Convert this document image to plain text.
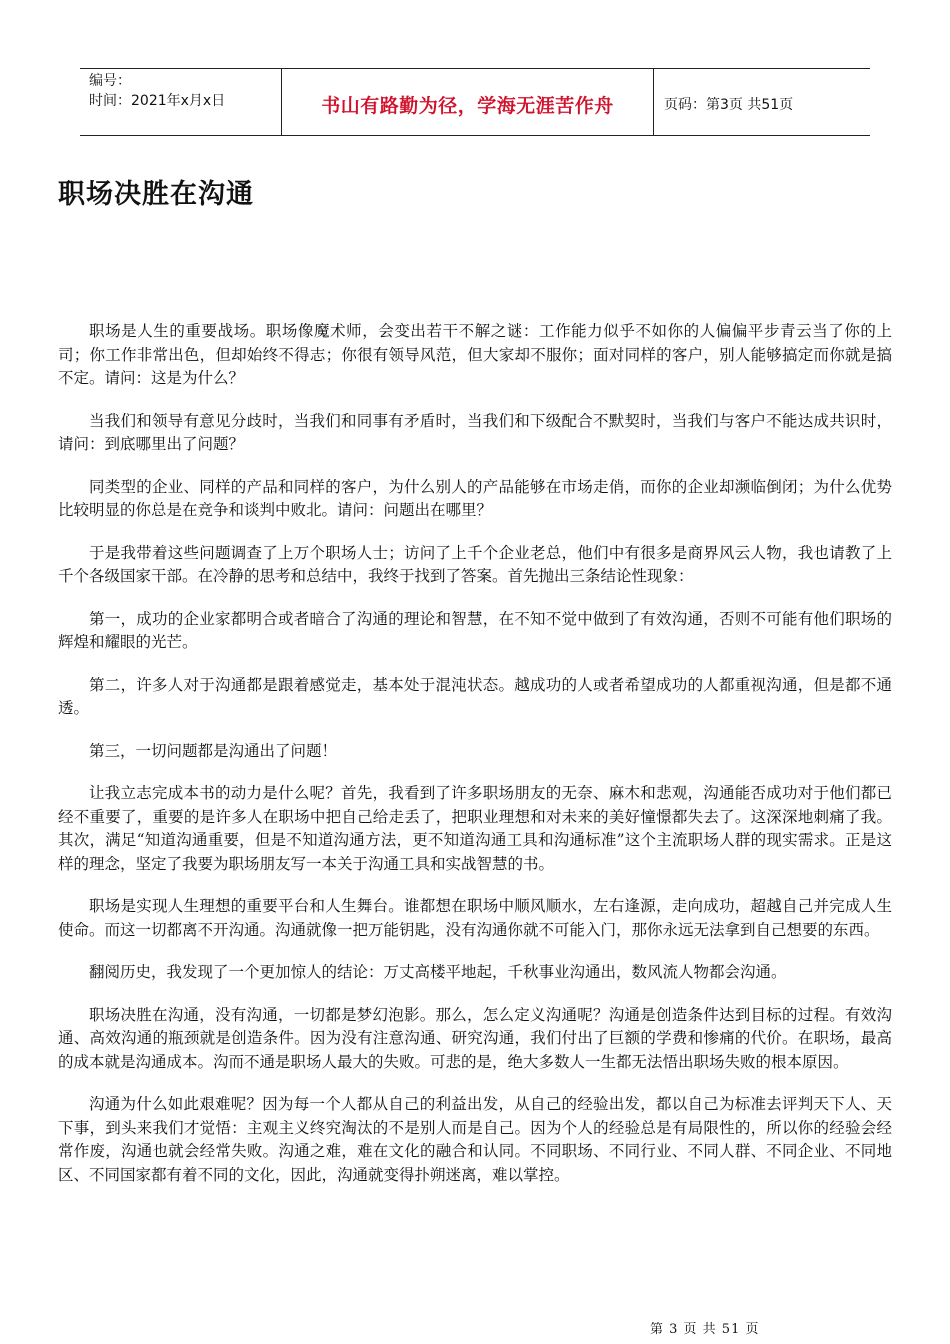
编号：
时间：2021年x月x日	书山有路勤为径，学海无涯苦作舟	页码：第3页 共51页
职场决胜在沟通

职场是人生的重要战场。职场像魔术师，会变出若干不解之谜：工作能力似乎不如你的人偏偏平步青云当了你的上司；你工作非常出色，但却始终不得志；你很有领导风范，但大家却不服你；面对同样的客户，别人能够搞定而你就是搞不定。请问：这是为什么？

当我们和领导有意见分歧时，当我们和同事有矛盾时，当我们和下级配合不默契时，当我们与客户不能达成共识时，请问：到底哪里出了问题？

同类型的企业、同样的产品和同样的客户，为什么别人的产品能够在市场走俏，而你的企业却濒临倒闭；为什么优势比较明显的你总是在竞争和谈判中败北。请问：问题出在哪里？

于是我带着这些问题调查了上万个职场人士；访问了上千个企业老总，他们中有很多是商界风云人物，我也请教了上千个各级国家干部。在冷静的思考和总结中，我终于找到了答案。首先抛出三条结论性现象：

第一，成功的企业家都明合或者暗合了沟通的理论和智慧，在不知不觉中做到了有效沟通，否则不可能有他们职场的辉煌和耀眼的光芒。

第二，许多人对于沟通都是跟着感觉走，基本处于混沌状态。越成功的人或者希望成功的人都重视沟通，但是都不通透。

第三，一切问题都是沟通出了问题！

让我立志完成本书的动力是什么呢？首先，我看到了许多职场朋友的无奈、麻木和悲观，沟通能否成功对于他们都已经不重要了，重要的是许多人在职场中把自己给走丢了，把职业理想和对未来的美好憧憬都失去了。这深深地刺痛了我。其次，满足“知道沟通重要，但是不知道沟通方法，更不知道沟通工具和沟通标准”这个主流职场人群的现实需求。正是这样的理念，坚定了我要为职场朋友写一本关于沟通工具和实战智慧的书。

职场是实现人生理想的重要平台和人生舞台。谁都想在职场中顺风顺水，左右逢源，走向成功，超越自己并完成人生使命。而这一切都离不开沟通。沟通就像一把万能钥匙，没有沟通你就不可能入门，那你永远无法拿到自己想要的东西。

翻阅历史，我发现了一个更加惊人的结论：万丈高楼平地起，千秋事业沟通出，数风流人物都会沟通。

职场决胜在沟通，没有沟通，一切都是梦幻泡影。那么，怎么定义沟通呢？沟通是创造条件达到目标的过程。有效沟通、高效沟通的瓶颈就是创造条件。因为没有注意沟通、研究沟通，我们付出了巨额的学费和惨痛的代价。在职场，最高的成本就是沟通成本。沟而不通是职场人最大的失败。可悲的是，绝大多数人一生都无法悟出职场失败的根本原因。

沟通为什么如此艰难呢？因为每一个人都从自己的利益出发，从自己的经验出发，都以自己为标准去评判天下人、天下事，到头来我们才觉悟：主观主义终究淘汰的不是别人而是自己。因为个人的经验总是有局限性的，所以你的经验会经常作废，沟通也就会经常失败。沟通之难，难在文化的融合和认同。不同职场、不同行业、不同人群、不同企业、不同地区、不同国家都有着不同的文化，因此，沟通就变得扑朔迷离，难以掌控。

第 3 页 共 51 页
